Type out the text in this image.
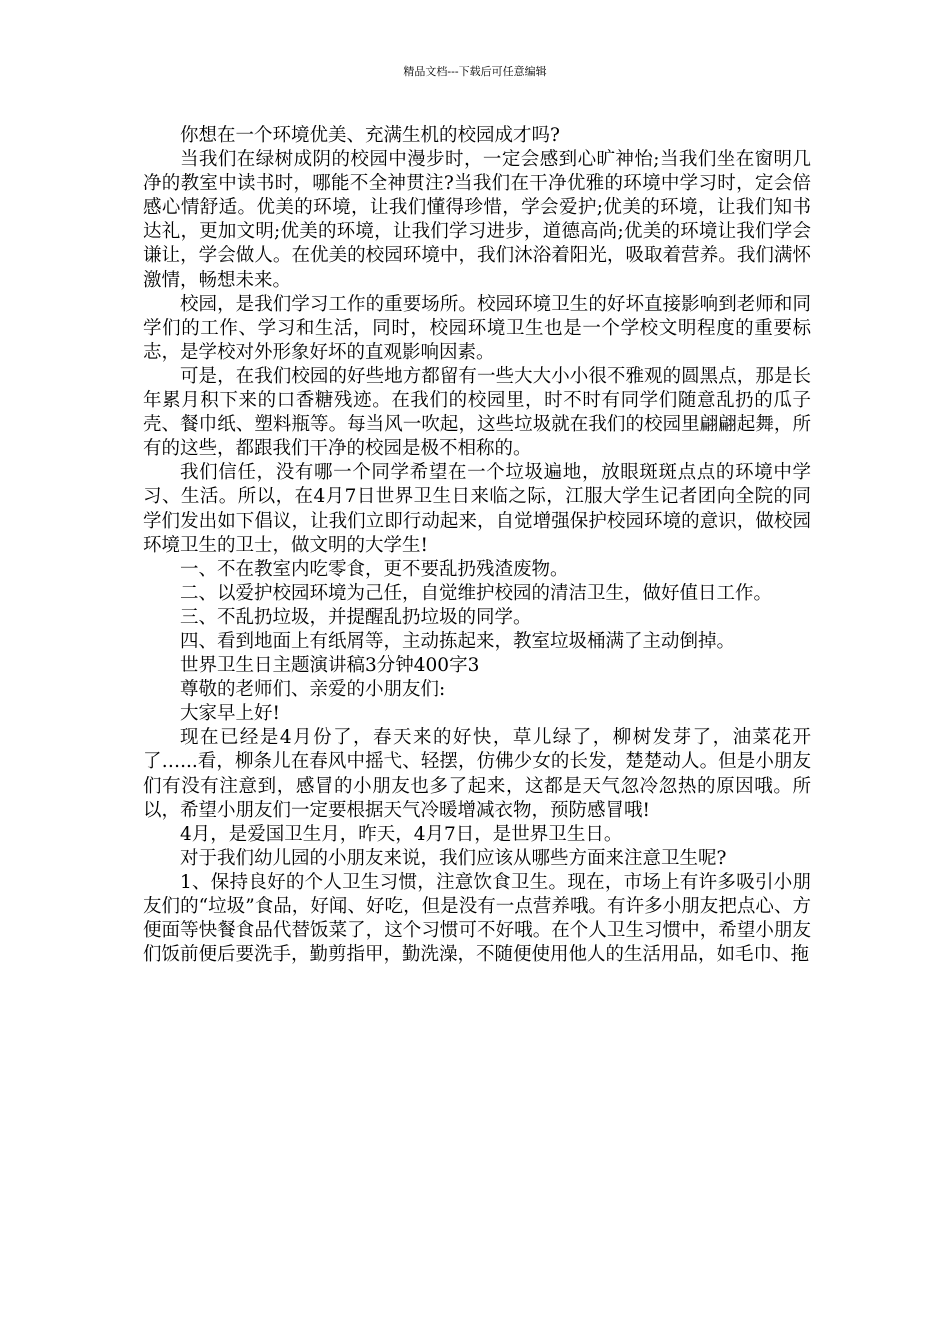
精品文档---下载后可任意编辑

你想在一个环境优美、充满生机的校园成才吗?

当我们在绿树成阴的校园中漫步时，一定会感到心旷神怡;当我们坐在窗明几净的教室中读书时，哪能不全神贯注?当我们在干净优雅的环境中学习时，定会倍感心情舒适。优美的环境，让我们懂得珍惜，学会爱护;优美的环境，让我们知书达礼，更加文明;优美的环境，让我们学习进步，道德高尚;优美的环境让我们学会谦让，学会做人。在优美的校园环境中，我们沐浴着阳光，吸取着营养。我们满怀激情，畅想未来。

校园，是我们学习工作的重要场所。校园环境卫生的好坏直接影响到老师和同学们的工作、学习和生活，同时，校园环境卫生也是一个学校文明程度的重要标志，是学校对外形象好坏的直观影响因素。

可是，在我们校园的好些地方都留有一些大大小小很不雅观的圆黑点，那是长年累月积下来的口香糖残迹。在我们的校园里，时不时有同学们随意乱扔的瓜子壳、餐巾纸、塑料瓶等。每当风一吹起，这些垃圾就在我们的校园里翩翩起舞，所有的这些，都跟我们干净的校园是极不相称的。

我们信任，没有哪一个同学希望在一个垃圾遍地，放眼斑斑点点的环境中学习、生活。所以，在4月7日世界卫生日来临之际，江服大学生记者团向全院的同学们发出如下倡议，让我们立即行动起来，自觉增强保护校园环境的意识，做校园环境卫生的卫士，做文明的大学生!

一、不在教室内吃零食，更不要乱扔残渣废物。

二、以爱护校园环境为己任，自觉维护校园的清洁卫生，做好值日工作。

三、不乱扔垃圾，并提醒乱扔垃圾的同学。

四、看到地面上有纸屑等，主动拣起来，教室垃圾桶满了主动倒掉。

世界卫生日主题演讲稿3分钟400字3

尊敬的老师们、亲爱的小朋友们:

大家早上好!

现在已经是4月份了，春天来的好快，草儿绿了，柳树发芽了，油菜花开了…...看，柳条儿在春风中摇弋、轻摆，仿佛少女的长发，楚楚动人。但是小朋友们有没有注意到，感冒的小朋友也多了起来，这都是天气忽冷忽热的原因哦。所以，希望小朋友们一定要根据天气冷暖增减衣物，预防感冒哦!

4月，是爱国卫生月，昨天，4月7日，是世界卫生日。

对于我们幼儿园的小朋友来说，我们应该从哪些方面来注意卫生呢?

1、保持良好的个人卫生习惯，注意饮食卫生。现在，市场上有许多吸引小朋友们的“垃圾”食品，好闻、好吃，但是没有一点营养哦。有许多小朋友把点心、方便面等快餐食品代替饭菜了，这个习惯可不好哦。在个人卫生习惯中，希望小朋友们饭前便后要洗手，勤剪指甲，勤洗澡，不随便使用他人的生活用品，如毛巾、拖
